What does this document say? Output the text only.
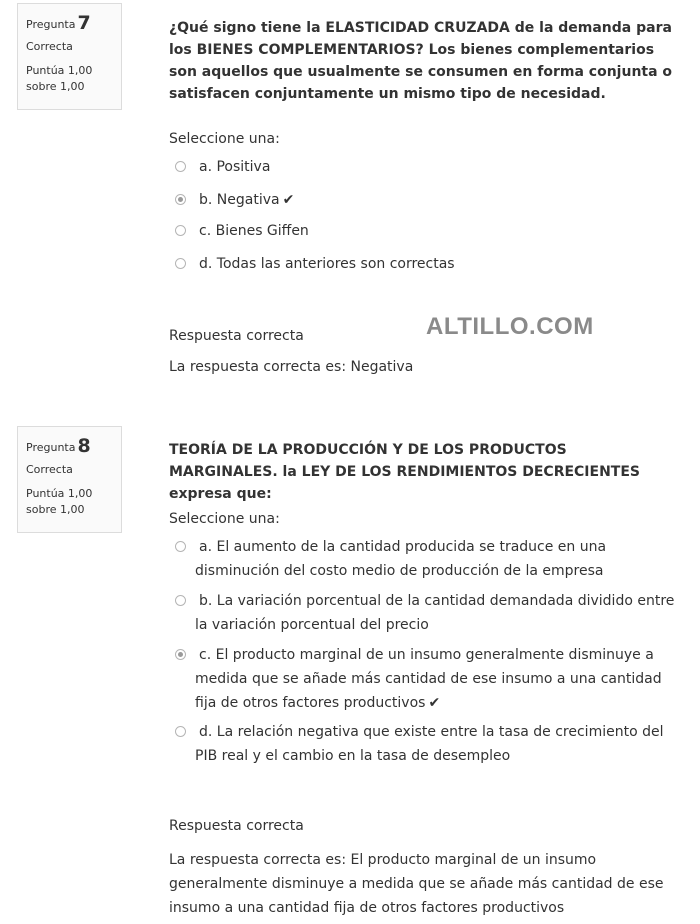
Pregunta 7
Correcta
Puntúa 1,00
sobre 1,00
¿Qué signo tiene la ELASTICIDAD CRUZADA de la demanda para los BIENES COMPLEMENTARIOS? Los bienes complementarios son aquellos que usualmente se consumen en forma conjunta o satisfacen conjuntamente un mismo tipo de necesidad.
Seleccione una:
a. Positiva
b. Negativa ✔
c. Bienes Giffen
d. Todas las anteriores son correctas
Respuesta correcta
La respuesta correcta es: Negativa
ALTILLO.COM
Pregunta 8
Correcta
Puntúa 1,00
sobre 1,00
TEORÍA DE LA PRODUCCIÓN Y DE LOS PRODUCTOS MARGINALES. la LEY DE LOS RENDIMIENTOS DECRECIENTES expresa que:
Seleccione una:
a. El aumento de la cantidad producida se traduce en una disminución del costo medio de producción de la empresa
b. La variación porcentual de la cantidad demandada dividido entre la variación porcentual del precio
c. El producto marginal de un insumo generalmente disminuye a medida que se añade más cantidad de ese insumo a una cantidad fija de otros factores productivos ✔
d. La relación negativa que existe entre la tasa de crecimiento del PIB real y el cambio en la tasa de desempleo
Respuesta correcta
La respuesta correcta es: El producto marginal de un insumo generalmente disminuye a medida que se añade más cantidad de ese insumo a una cantidad fija de otros factores productivos
